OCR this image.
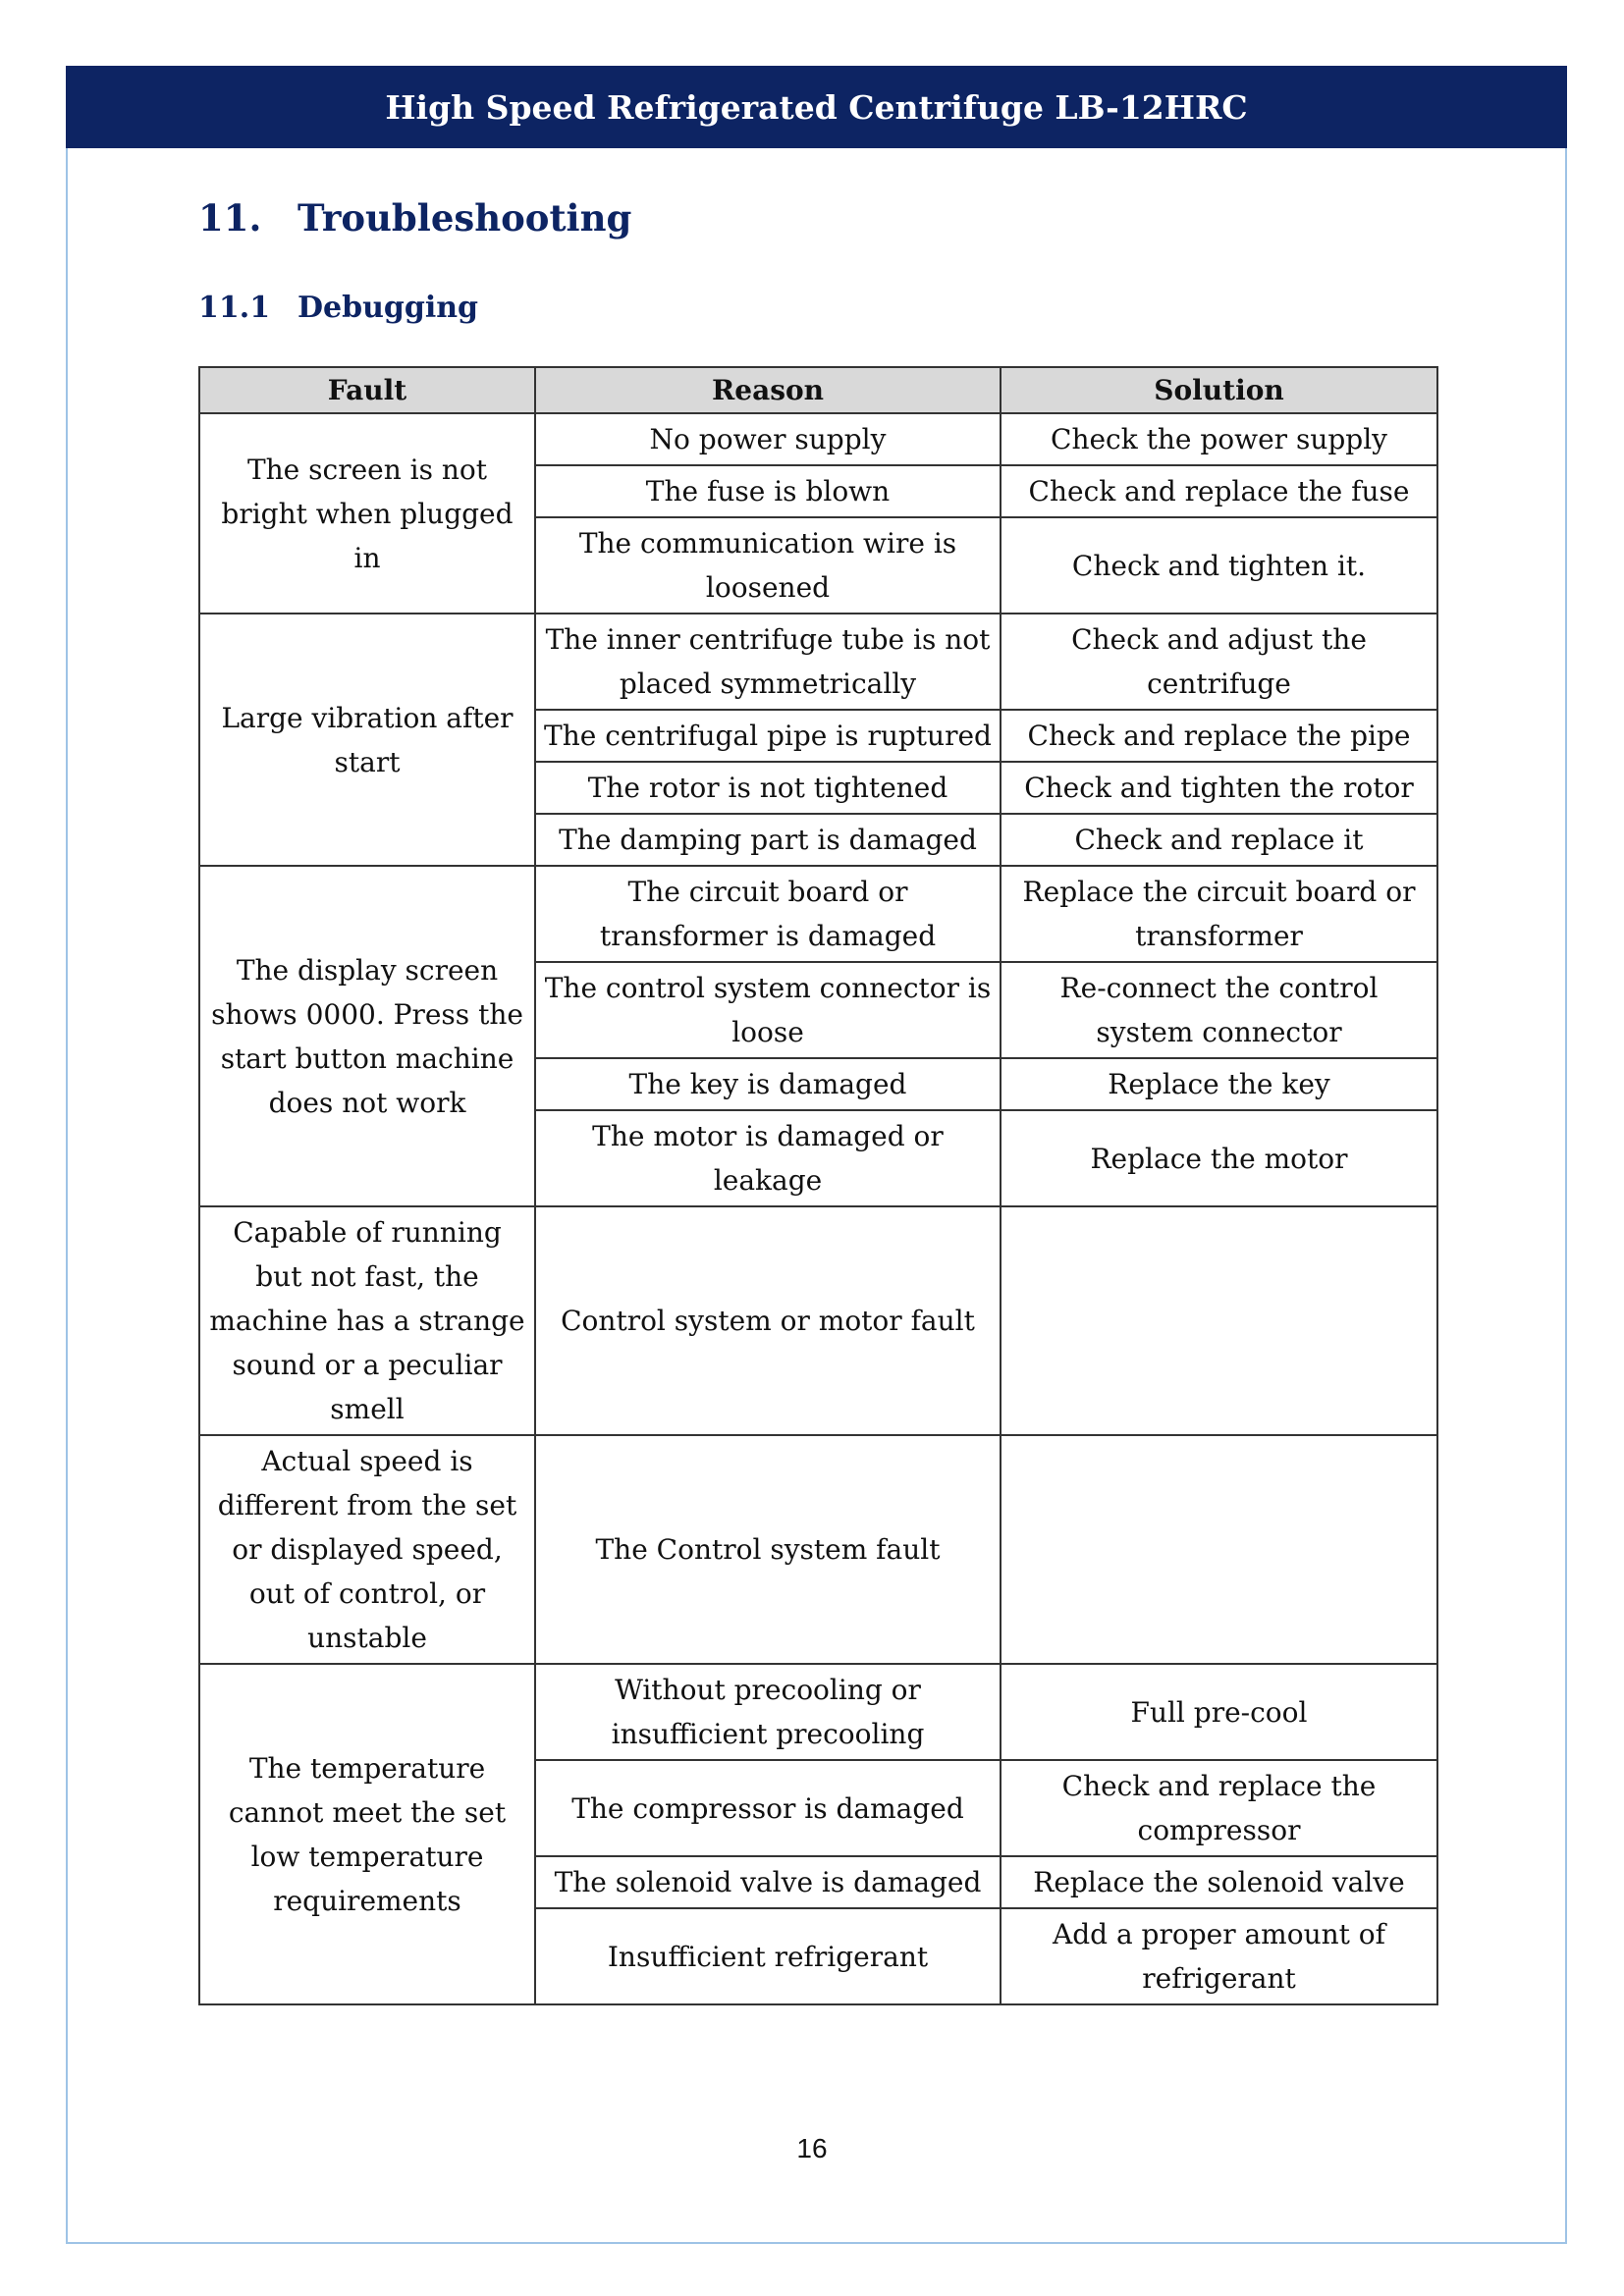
High Speed Refrigerated Centrifuge LB-12HRC
11. Troubleshooting
11.1 Debugging
Fault	Reason	Solution
The screen is not bright when plugged in	No power supply	Check the power supply
	The fuse is blown	Check and replace the fuse
	The communication wire is loosened	Check and tighten it.
Large vibration after start	The inner centrifuge tube is not placed symmetrically	Check and adjust the centrifuge
	The centrifugal pipe is ruptured	Check and replace the pipe
	The rotor is not tightened	Check and tighten the rotor
	The damping part is damaged	Check and replace it
The display screen shows 0000. Press the start button machine does not work	The circuit board or transformer is damaged	Replace the circuit board or transformer
	The control system connector is loose	Re-connect the control system connector
	The key is damaged	Replace the key
	The motor is damaged or leakage	Replace the motor
Capable of running but not fast, the machine has a strange sound or a peculiar smell	Control system or motor fault	
Actual speed is different from the set or displayed speed, out of control, or unstable	The Control system fault	
The temperature cannot meet the set low temperature requirements	Without precooling or insufficient precooling	Full pre-cool
	The compressor is damaged	Check and replace the compressor
	The solenoid valve is damaged	Replace the solenoid valve
	Insufficient refrigerant	Add a proper amount of refrigerant
16
